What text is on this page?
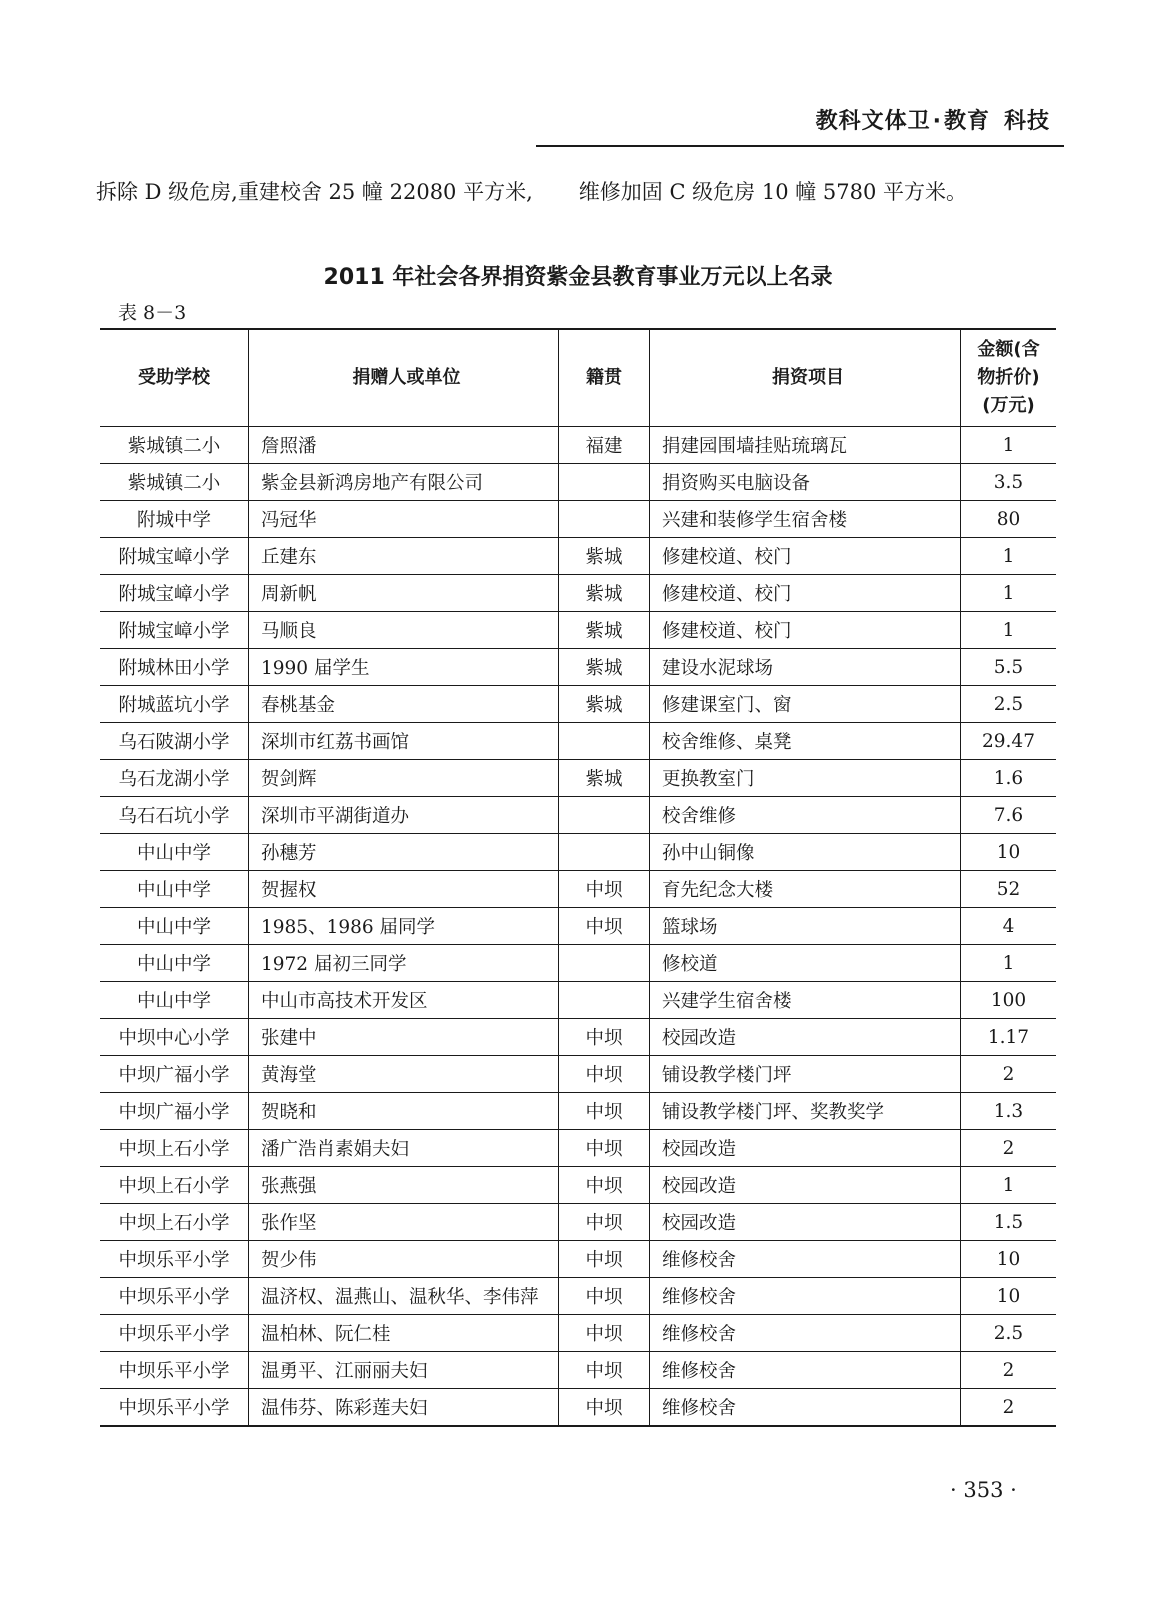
教科文体卫·教育 科技
拆除 D 级危房,重建校舍 25 幢 22080 平方米, 维修加固 C 级危房 10 幢 5780 平方米。
2011 年社会各界捐资紫金县教育事业万元以上名录
表 8－3
受助学校	捐赠人或单位	籍贯	捐资项目	金额(含
物折价)
(万元)

紫城镇二小	詹照潘	福建	捐建园围墙挂贴琉璃瓦	1
紫城镇二小	紫金县新鸿房地产有限公司		捐资购买电脑设备	3.5
附城中学	冯冠华		兴建和装修学生宿舍楼	80
附城宝嶂小学	丘建东	紫城	修建校道、校门	1
附城宝嶂小学	周新帆	紫城	修建校道、校门	1
附城宝嶂小学	马顺良	紫城	修建校道、校门	1
附城林田小学	1990 届学生	紫城	建设水泥球场	5.5
附城蓝坑小学	春桃基金	紫城	修建课室门、窗	2.5
乌石陂湖小学	深圳市红荔书画馆		校舍维修、桌凳	29.47
乌石龙湖小学	贺剑辉	紫城	更换教室门	1.6
乌石石坑小学	深圳市平湖街道办		校舍维修	7.6
中山中学	孙穗芳		孙中山铜像	10
中山中学	贺握权	中坝	育先纪念大楼	52
中山中学	1985、1986 届同学	中坝	篮球场	4
中山中学	1972 届初三同学		修校道	1
中山中学	中山市高技术开发区		兴建学生宿舍楼	100
中坝中心小学	张建中	中坝	校园改造	1.17
中坝广福小学	黄海堂	中坝	铺设教学楼门坪	2
中坝广福小学	贺晓和	中坝	铺设教学楼门坪、奖教奖学	1.3
中坝上石小学	潘广浩肖素娟夫妇	中坝	校园改造	2
中坝上石小学	张燕强	中坝	校园改造	1
中坝上石小学	张作坚	中坝	校园改造	1.5
中坝乐平小学	贺少伟	中坝	维修校舍	10
中坝乐平小学	温济权、温燕山、温秋华、李伟萍	中坝	维修校舍	10
中坝乐平小学	温柏林、阮仁桂	中坝	维修校舍	2.5
中坝乐平小学	温勇平、江丽丽夫妇	中坝	维修校舍	2
中坝乐平小学	温伟芬、陈彩莲夫妇	中坝	维修校舍	2
· 353 ·
